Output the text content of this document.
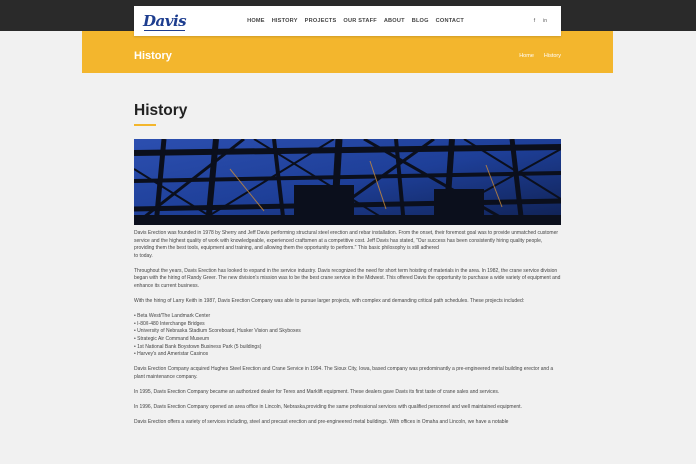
Davis	HOME HISTORY PROJECTS OUR STAFF ABOUT BLOG CONTACT	f in
History	Home History
History

Davis Erection was founded in 1978 by Sherry and Jeff Davis performing structural steel erection and rebar installation. From the onset, their foremost goal was to provide unmatched customer service and the highest quality of work with knowledgeable, experienced craftsmen at a competitive cost. Jeff Davis has stated, "Our success has been consistently hiring quality people, providing them the best tools, equipment and training, and allowing them the opportunity to perform." This basic philosophy is still adhered
to today.

Throughout the years, Davis Erection has looked to expand in the service industry. Davis recognized the need for short term hoisting of materials in the area. In 1982, the crane service division began with the hiring of Randy Greer. The new division's mission was to be the best crane service in the Midwest. This offered Davis the opportunity to purchase a wide variety of equipment and enhance its current business.

With the hiring of Larry Keith in 1987, Davis Erection Company was able to pursue larger projects, with complex and demanding critical path schedules. These projects included:

• Beta West/The Landmark Center
• I-80/I-480 Interchange Bridges
• University of Nebraska Stadium Scoreboard, Husker Vision and Skyboxes
• Strategic Air Command Museum
• 1st National Bank Boystown Business Park (5 buildings)
• Harvey's and Ameristar Casinos

Davis Erection Company acquired Hughes Steel Erection and Crane Service in 1994. The Sioux City, Iowa, based company was predominantly a pre-engineered metal building erector and a plant maintenance company.

In 1995, Davis Erection Company became an authorized dealer for Terex and Marklift equipment. These dealers gave Davis its first taste of crane sales and services.

In 1996, Davis Erection Company opened an area office in Lincoln, Nebraska,providing the same professional services with qualified personnel and well maintained equipment.

Davis Erection offers a variety of services including, steel and precast erection and pre-engineered metal buildings. With offices in Omaha and Lincoln, we have a notable
